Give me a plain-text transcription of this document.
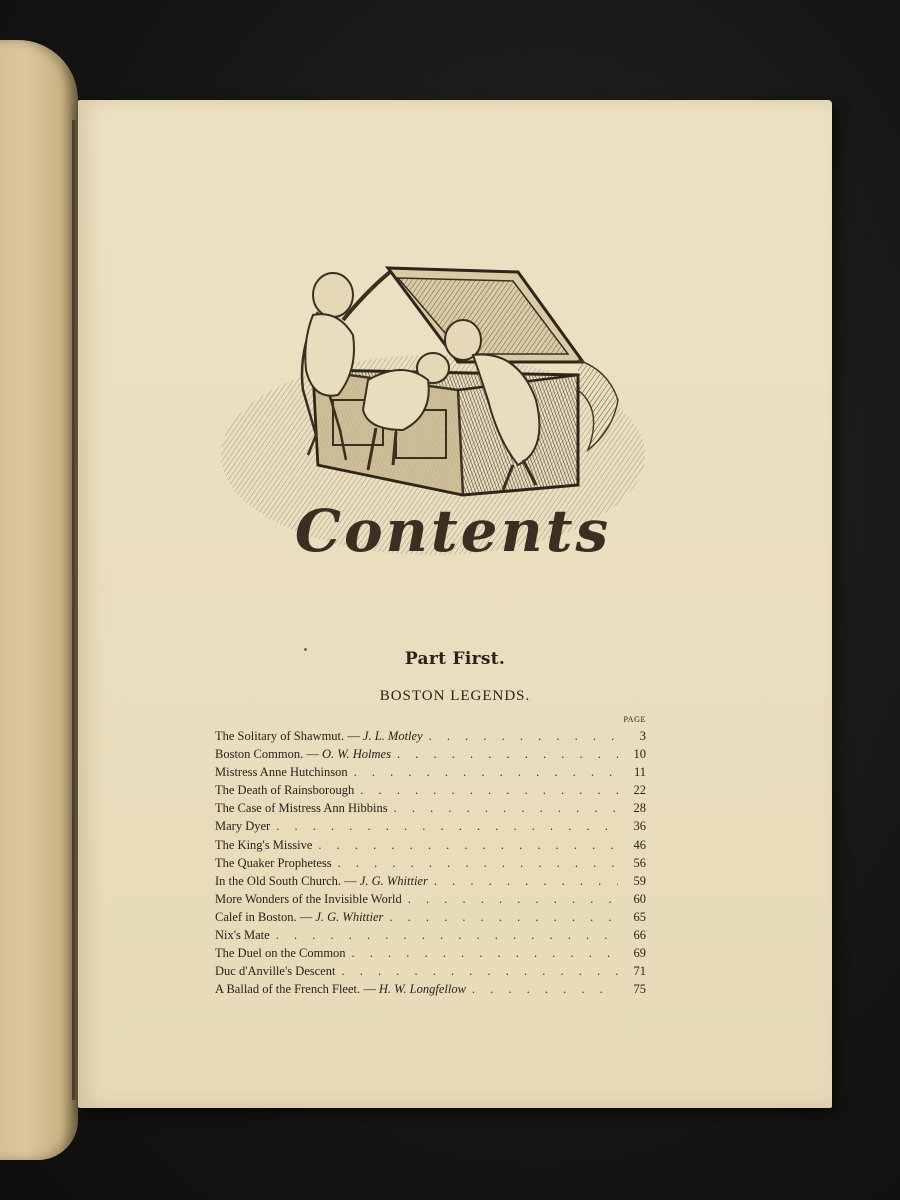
Contents
Part First.
BOSTON LEGENDS.
PAGE
The Solitary of Shawmut. — J. L. Motley . . .	3
Boston Common. — O. W. Holmes . . .	10
Mistress Anne Hutchinson . . .	11
The Death of Rainsborough . . .	22
The Case of Mistress Ann Hibbins . . .	28
Mary Dyer . . .	36
The King's Missive . . .	46
The Quaker Prophetess . . .	56
In the Old South Church. — J. G. Whittier . . .	59
More Wonders of the Invisible World . . .	60
Calef in Boston. — J. G. Whittier . . .	65
Nix's Mate . . .	66
The Duel on the Common . . .	69
Duc d'Anville's Descent . . .	71
A Ballad of the French Fleet. — H. W. Longfellow . . .	75
